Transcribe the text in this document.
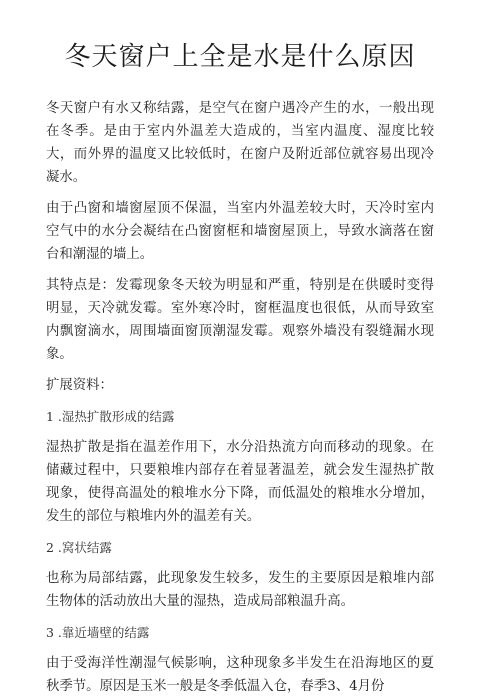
冬天窗户上全是水是什么原因

冬天窗户有水又称结露，是空气在窗户遇冷产生的水，一般出现在冬季。是由于室内外温差大造成的，当室内温度、湿度比较大，而外界的温度又比较低时，在窗户及附近部位就容易出现冷凝水。

由于凸窗和墙窗屋顶不保温，当室内外温差较大时，天冷时室内空气中的水分会凝结在凸窗窗框和墙窗屋顶上，导致水滴落在窗台和潮湿的墙上。

其特点是：发霉现象冬天较为明显和严重，特别是在供暖时变得明显，天冷就发霉。室外寒冷时，窗框温度也很低，从而导致室内飘窗滴水，周围墙面窗顶潮湿发霉。观察外墙没有裂缝漏水现象。

扩展资料：

1 .湿热扩散形成的结露

湿热扩散是指在温差作用下，水分沿热流方向而移动的现象。在储藏过程中，只要粮堆内部存在着显著温差，就会发生湿热扩散现象，使得高温处的粮堆水分下降，而低温处的粮堆水分增加，发生的部位与粮堆内外的温差有关。

2 .窝状结露

也称为局部结露，此现象发生较多，发生的主要原因是粮堆内部生物体的活动放出大量的湿热，造成局部粮温升高。

3 .靠近墙壁的结露

由于受海洋性潮湿气候影响，这种现象多半发生在沿海地区的夏秋季节。原因是玉米一般是冬季低温入仓，春季3、4月份
